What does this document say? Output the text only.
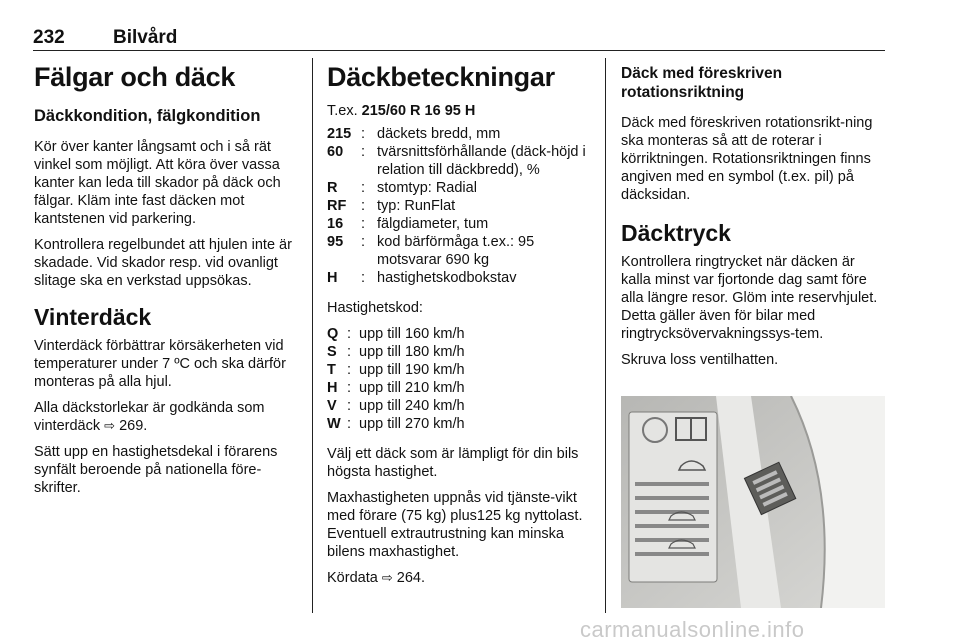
232	Bilvård
Fälgar och däck
Däckkondition, fälgkondition

Kör över kanter långsamt och i så rät vinkel som möjligt. Att köra över vassa kanter kan leda till skador på däck och fälgar. Kläm inte fast däcken mot kantstenen vid parkering.

Kontrollera regelbundet att hjulen inte är skadade. Vid skador resp. vid ovanligt slitage ska en verkstad uppsökas.

Vinterdäck

Vinterdäck förbättrar körsäkerheten vid temperaturer under 7 ºC och ska därför monteras på alla hjul.

Alla däckstorlekar är godkända som vinterdäck ⇨ 269.

Sätt upp en hastighetsdekal i förarens synfält beroende på nationella före-skrifter.

Däckbeteckningar
T.ex. 215/60 R 16 95 H
215	:	däckets bredd, mm
60	:	tvärsnittsförhållande (däck-höjd i relation till däckbredd), %
R	:	stomtyp: Radial
RF	:	typ: RunFlat
16	:	fälgdiameter, tum
95	:	kod bärförmåga t.ex.: 95 motsvarar 690 kg
H	:	hastighetskodbokstav

Hastighetskod:

Q	:	upp till 160 km/h
S	:	upp till 180 km/h
T	:	upp till 190 km/h
H	:	upp till 210 km/h
V	:	upp till 240 km/h
W	:	upp till 270 km/h

Välj ett däck som är lämpligt för din bils högsta hastighet.

Maxhastigheten uppnås vid tjänste-vikt med förare (75 kg) plus125 kg nyttolast. Eventuell extrautrustning kan minska bilens maxhastighet.

Kördata ⇨ 264.

Däck med föreskriven rotationsriktning

Däck med föreskriven rotationsrikt-ning ska monteras så att de roterar i körriktningen. Rotationsriktningen finns angiven med en symbol (t.ex. pil) på däcksidan.

Däcktryck

Kontrollera ringtrycket när däcken är kalla minst var fjortonde dag samt före alla längre resor. Glöm inte reservhjulet. Detta gäller även för bilar med ringtrycksövervakningssys-tem.

Skruva loss ventilhatten.

carmanualsonline.info
